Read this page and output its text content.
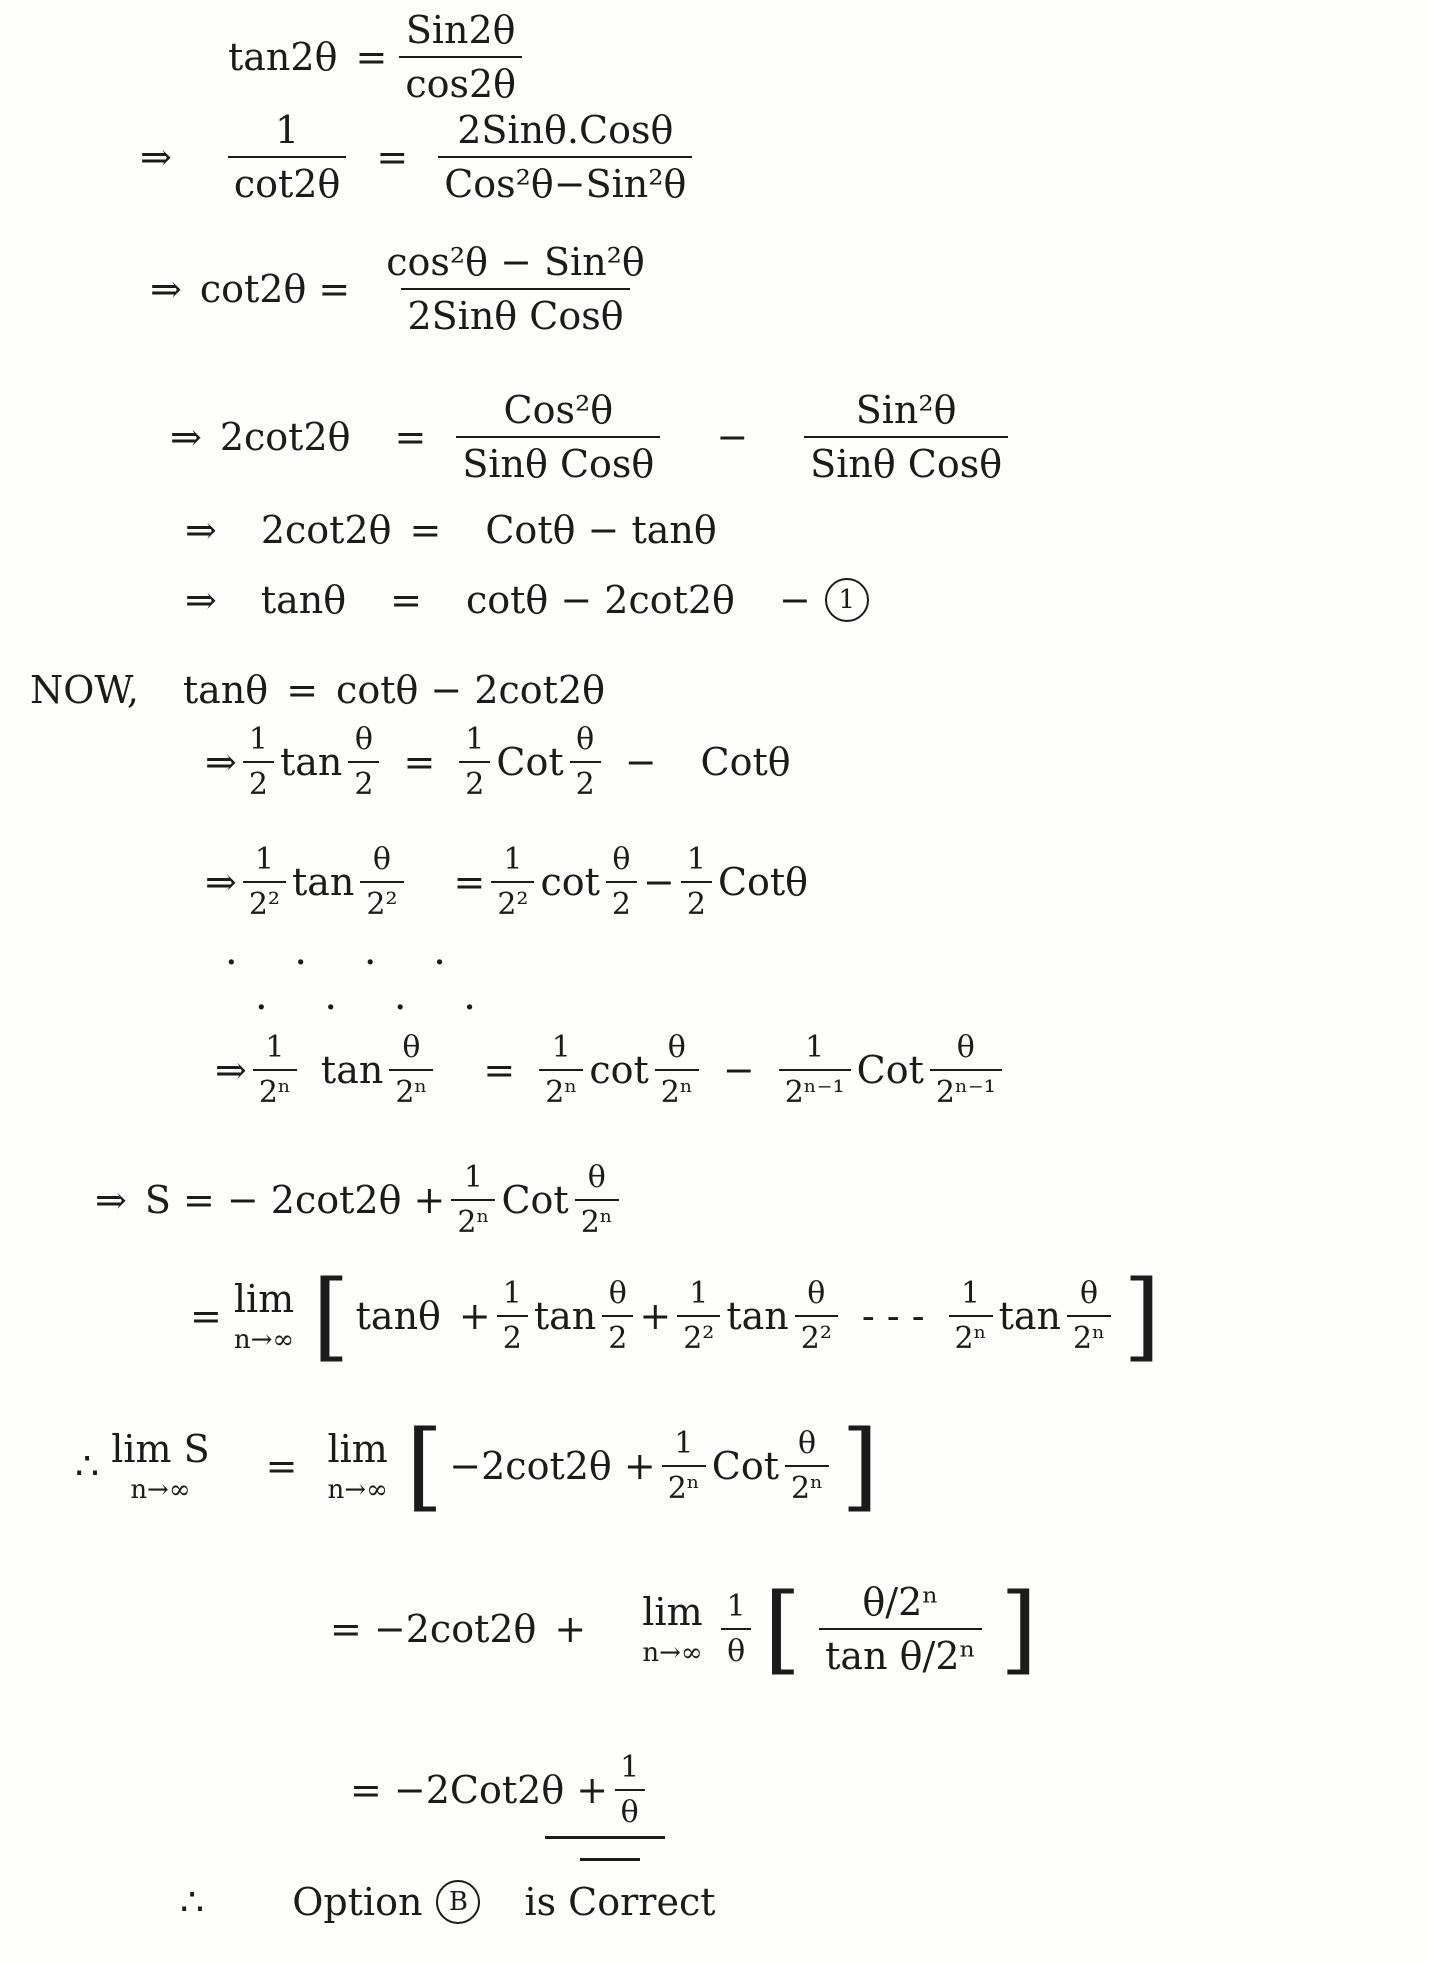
$\tan 2\theta = \frac{\text{Sin2θ}}{\cos 2\theta}$
⇒ $\frac{1}{\cot 2\theta} = \frac{\text{2Sinθ.Cosθ}}{\text{Cos²θ−Sin²θ}}$
⇒ $\cot 2\theta = \frac{\text{cos²θ − Sin²θ}}{\text{2Sinθ Cosθ}}$
⇒ $2\cot 2\theta = \frac{\text{Cos²θ}}{\text{Sinθ Cosθ}} - \frac{\text{Sin²θ}}{\text{Sinθ Cosθ}}$
⇒ 2cot2θ = Cotθ − tanθ
⇒ tanθ = cotθ − 2cot2θ −	1
NOW, tanθ = cotθ − 2cot2θ
⇒ $\frac{1}{2}$ $\tan \frac{\theta}{2} = \frac{1}{2}$ Cot $\frac{\theta}{2} - Cot\theta$
⇒ $\frac{1}{\text{2²}}$ $\tan \frac{\theta}{\text{2²}} = \frac{1}{\text{2²}}$ $\cot \frac{\theta}{2} - \frac{1}{2}$ Cotθ
· · · ·
· · · ·
⇒ $\frac{1}{\text{2ⁿ}}$ $\tan \frac{\theta}{\text{2ⁿ}} = \frac{1}{\text{2ⁿ}}$ $\cot \frac{\theta}{\text{2ⁿ}} - \frac{1}{\text{2ⁿ⁻¹}}$ Cot $\frac{\theta}{\text{2ⁿ⁻¹}}$
⇒ S = − $2\cot 2\theta + \frac{1}{\text{2ⁿ}}$ Cot $\frac{\theta}{\text{2ⁿ}}$
= lim
n→∞ [ $\tan\theta + \frac{1}{2}$ $\tan \frac{\theta}{2} + \frac{1}{\text{2²}}$ $\tan \frac{\theta}{\text{2²}}$ - - - $\frac{1}{\text{2ⁿ}}$ $\tan \frac{\theta}{\text{2ⁿ}}$ ]
∴ lim S
n→∞
= lim
n→∞ [ $-2\cot 2\theta + \frac{1}{\text{2ⁿ}}$ Cot $\frac{\theta}{\text{2ⁿ}}$ ]
= −2cot2θ + lim
$n\to\infty \frac{1}{\theta}$ [ $\frac{\text{θ/2ⁿ}}{\text{tan θ/2ⁿ}}$ ]
= $-2Cot2\theta + \frac{1}{\theta}$
∴ Option	B	is Correct
